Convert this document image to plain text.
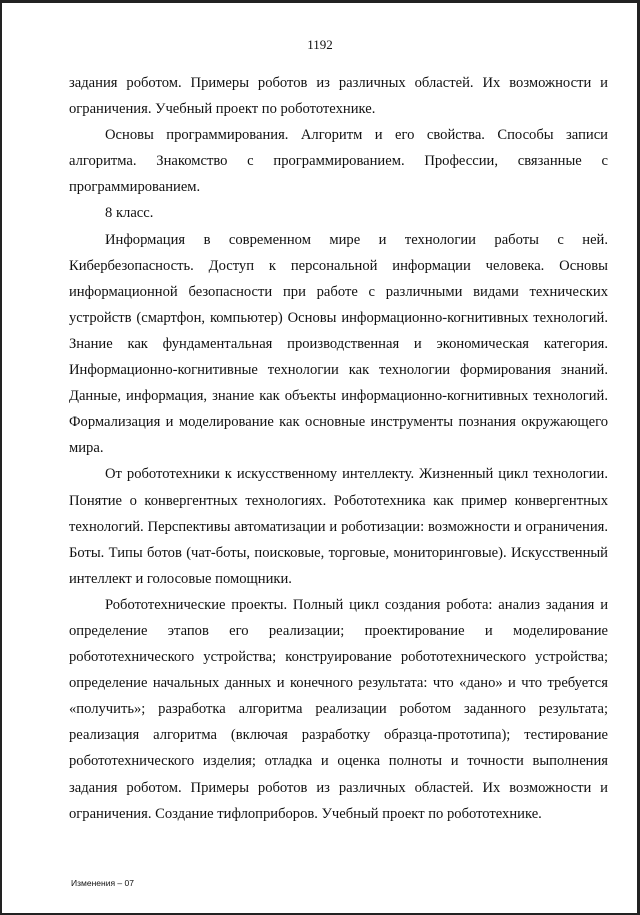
1192

задания роботом. Примеры роботов из различных областей. Их возможности и ограничения. Учебный проект по робототехнике.

Основы программирования. Алгоритм и его свойства. Способы записи алгоритма. Знакомство с программированием. Профессии, связанные с программированием.

8 класс.

Информация в современном мире и технологии работы с ней. Кибербезопасность. Доступ к персональной информации человека. Основы информационной безопасности при работе с различными видами технических устройств (смартфон, компьютер) Основы информационно-когнитивных технологий. Знание как фундаментальная производственная и экономическая категория. Информационно-когнитивные технологии как технологии формирования знаний. Данные, информация, знание как объекты информационно-когнитивных технологий. Формализация и моделирование как основные инструменты познания окружающего мира.

От робототехники к искусственному интеллекту. Жизненный цикл технологии. Понятие о конвергентных технологиях. Робототехника как пример конвергентных технологий. Перспективы автоматизации и роботизации: возможности и ограничения. Боты. Типы ботов (чат-боты, поисковые, торговые, мониторинговые). Искусственный интеллект и голосовые помощники.

Робототехнические проекты. Полный цикл создания робота: анализ задания и определение этапов его реализации; проектирование и моделирование робототехнического устройства; конструирование робототехнического устройства; определение начальных данных и конечного результата: что «дано» и что требуется «получить»; разработка алгоритма реализации роботом заданного результата; реализация алгоритма (включая разработку образца-прототипа); тестирование робототехнического изделия; отладка и оценка полноты и точности выполнения задания роботом. Примеры роботов из различных областей. Их возможности и ограничения. Создание тифлоприборов. Учебный проект по робототехнике.

Изменения – 07
